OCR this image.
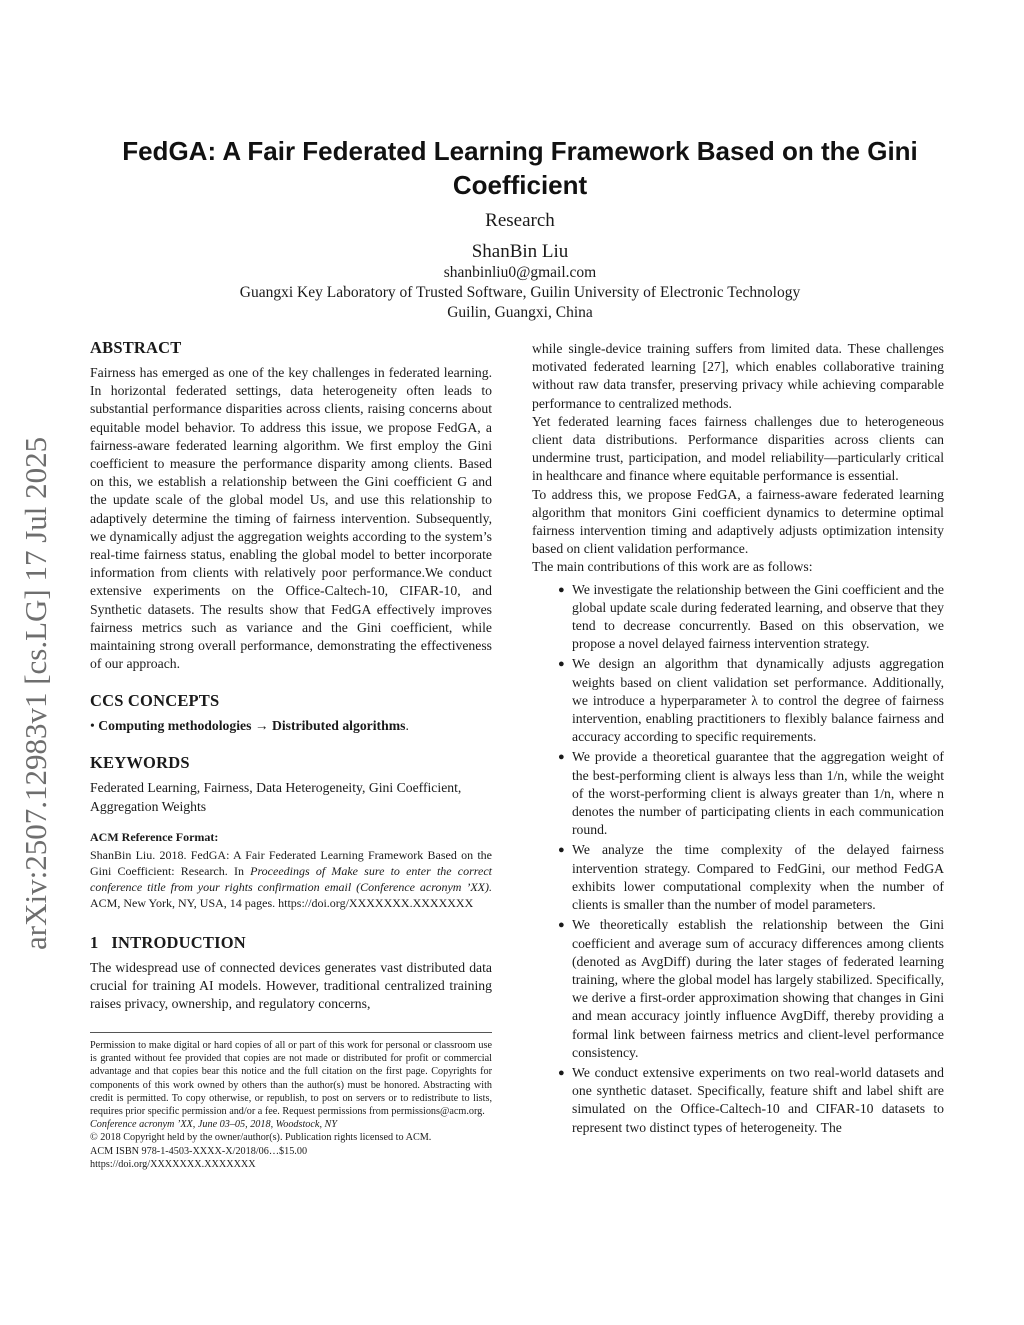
arXiv:2507.12983v1 [cs.LG] 17 Jul 2025
FedGA: A Fair Federated Learning Framework Based on the Gini Coefficient
Research
ShanBin Liu
shanbinliu0@gmail.com
Guangxi Key Laboratory of Trusted Software, Guilin University of Electronic Technology
Guilin, Guangxi, China
ABSTRACT

Fairness has emerged as one of the key challenges in federated learning. In horizontal federated settings, data heterogeneity often leads to substantial performance disparities across clients, raising concerns about equitable model behavior. To address this issue, we propose FedGA, a fairness-aware federated learning algorithm. We first employ the Gini coefficient to measure the performance disparity among clients. Based on this, we establish a relationship between the Gini coefficient G and the update scale of the global model Us, and use this relationship to adaptively determine the timing of fairness intervention. Subsequently, we dynamically adjust the aggregation weights according to the system’s real-time fairness status, enabling the global model to better incorporate information from clients with relatively poor performance.We conduct extensive experiments on the Office-Caltech-10, CIFAR-10, and Synthetic datasets. The results show that FedGA effectively improves fairness metrics such as variance and the Gini coefficient, while maintaining strong overall performance, demonstrating the effectiveness of our approach.

CCS CONCEPTS

• Computing methodologies → Distributed algorithms.

KEYWORDS

Federated Learning, Fairness, Data Heterogeneity, Gini Coefficient, Aggregation Weights

ACM Reference Format:

ShanBin Liu. 2018. FedGA: A Fair Federated Learning Framework Based on the Gini Coefficient: Research. In Proceedings of Make sure to enter the correct conference title from your rights confirmation email (Conference acronym ’XX). ACM, New York, NY, USA, 14 pages. https://doi.org/XXXXXXX.XXXXXXX

1   INTRODUCTION

The widespread use of connected devices generates vast distributed data crucial for training AI models. However, traditional centralized training raises privacy, ownership, and regulatory concerns,

Permission to make digital or hard copies of all or part of this work for personal or classroom use is granted without fee provided that copies are not made or distributed for profit or commercial advantage and that copies bear this notice and the full citation on the first page. Copyrights for components of this work owned by others than the author(s) must be honored. Abstracting with credit is permitted. To copy otherwise, or republish, to post on servers or to redistribute to lists, requires prior specific permission and/or a fee. Request permissions from permissions@acm.org.

Conference acronym ’XX, June 03–05, 2018, Woodstock, NY

© 2018 Copyright held by the owner/author(s). Publication rights licensed to ACM.

ACM ISBN 978-1-4503-XXXX-X/2018/06…$15.00

https://doi.org/XXXXXXX.XXXXXXX

while single-device training suffers from limited data. These challenges motivated federated learning [27], which enables collaborative training without raw data transfer, preserving privacy while achieving comparable performance to centralized methods.

Yet federated learning faces fairness challenges due to heterogeneous client data distributions. Performance disparities across clients can undermine trust, participation, and model reliability—particularly critical in healthcare and finance where equitable performance is essential.

To address this, we propose FedGA, a fairness-aware federated learning algorithm that monitors Gini coefficient dynamics to determine optimal fairness intervention timing and adaptively adjusts optimization intensity based on client validation performance.

The main contributions of this work are as follows:

● We investigate the relationship between the Gini coefficient and the global update scale during federated learning, and observe that they tend to decrease concurrently. Based on this observation, we propose a novel delayed fairness intervention strategy.
● We design an algorithm that dynamically adjusts aggregation weights based on client validation set performance. Additionally, we introduce a hyperparameter λ to control the degree of fairness intervention, enabling practitioners to flexibly balance fairness and accuracy according to specific requirements.
● We provide a theoretical guarantee that the aggregation weight of the best-performing client is always less than 1/n, while the weight of the worst-performing client is always greater than 1/n, where n denotes the number of participating clients in each communication round.
● We analyze the time complexity of the delayed fairness intervention strategy. Compared to FedGini, our method FedGA exhibits lower computational complexity when the number of clients is smaller than the number of model parameters.
● We theoretically establish the relationship between the Gini coefficient and average sum of accuracy differences among clients (denoted as AvgDiff) during the later stages of federated learning training, where the global model has largely stabilized. Specifically, we derive a first-order approximation showing that changes in Gini and mean accuracy jointly influence AvgDiff, thereby providing a formal link between fairness metrics and client-level performance consistency.
● We conduct extensive experiments on two real-world datasets and one synthetic dataset. Specifically, feature shift and label shift are simulated on the Office-Caltech-10 and CIFAR-10 datasets to represent two distinct types of heterogeneity. The
